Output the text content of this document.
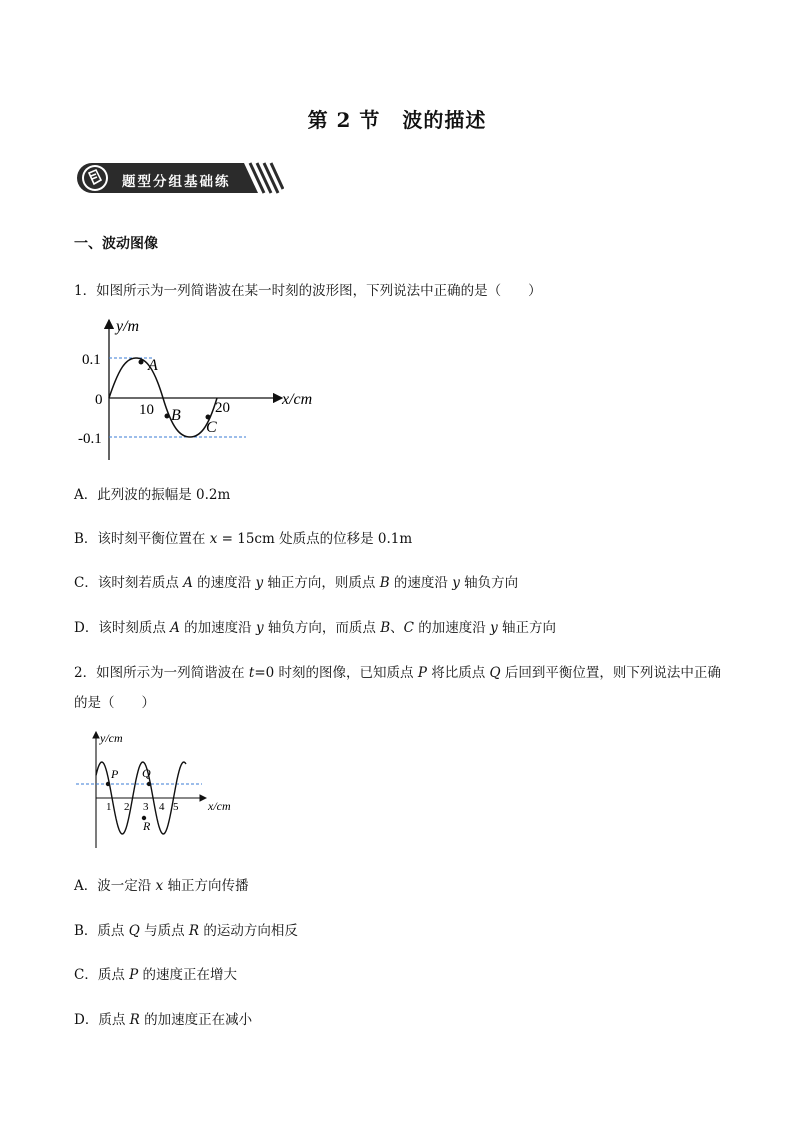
第 2 节 波的描述
题型分组基础练
一、波动图像
1．如图所示为一列简谐波在某一时刻的波形图，下列说法中正确的是（　　）
y/m
x/cm
0.1
0
-0.1
10	20
A
B
C
A．此列波的振幅是 0.2m
B．该时刻平衡位置在 x = 15cm 处质点的位移是 0.1m
C．该时刻若质点 A 的速度沿 y 轴正方向，则质点 B 的速度沿 y 轴负方向
D．该时刻质点 A 的加速度沿 y 轴负方向，而质点 B、C 的加速度沿 y 轴正方向
2．如图所示为一列简谐波在 t=0 时刻的图像，已知质点 P 将比质点 Q 后回到平衡位置，则下列说法中正确
的是（　　）
y/cm
x/cm
1 2 3 4 5
P Q
R
A．波一定沿 x 轴正方向传播
B．质点 Q 与质点 R 的运动方向相反
C．质点 P 的速度正在增大
D．质点 R 的加速度正在减小
